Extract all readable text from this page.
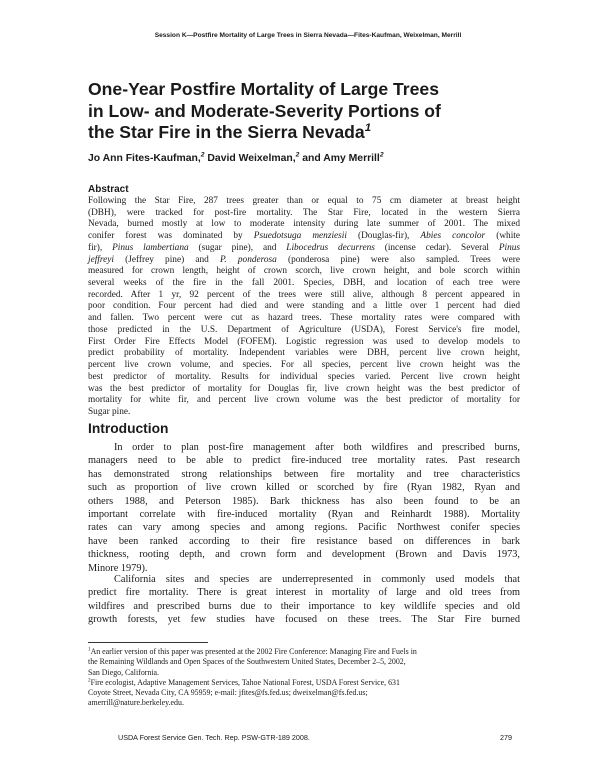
Session K—Postfire Mortality of Large Trees in Sierra Nevada—Fites-Kaufman, Weixelman, Merrill
One-Year Postfire Mortality of Large Trees
in Low- and Moderate-Severity Portions of
the Star Fire in the Sierra Nevada$^1$
Jo Ann Fites-Kaufman,$^2$ David Weixelman,$^2$ and Amy Merrill$^2$
Abstract
Following the Star Fire, 287 trees greater than or equal to 75 cm diameter at breast height
(DBH), were tracked for post-fire mortality. The Star Fire, located in the western Sierra
Nevada, burned mostly at low to moderate intensity during late summer of 2001. The mixed
conifer forest was dominated by Psuedotsuga menziesii (Douglas-fir), Abies concolor (white
fir), Pinus lambertiana (sugar pine), and Libocedrus decurrens (incense cedar). Several Pinus
jeffreyi (Jeffrey pine) and P. ponderosa (ponderosa pine) were also sampled. Trees were
measured for crown length, height of crown scorch, live crown height, and bole scorch within
several weeks of the fire in the fall 2001. Species, DBH, and location of each tree were
recorded. After 1 yr, 92 percent of the trees were still alive, although 8 percent appeared in
poor condition. Four percent had died and were standing and a little over 1 percent had died
and fallen. Two percent were cut as hazard trees. These mortality rates were compared with
those predicted in the U.S. Department of Agriculture (USDA), Forest Service's fire model,
First Order Fire Effects Model (FOFEM). Logistic regression was used to develop models to
predict probability of mortality. Independent variables were DBH, percent live crown height,
percent live crown volume, and species. For all species, percent live crown height was the
best predictor of mortality. Results for individual species varied. Percent live crown height
was the best predictor of mortality for Douglas fir, live crown height was the best predictor of
mortality for white fir, and percent live crown volume was the best predictor of mortality for
Sugar pine.
Introduction
In order to plan post-fire management after both wildfires and prescribed burns,
managers need to be able to predict fire-induced tree mortality rates. Past research
has demonstrated strong relationships between fire mortality and tree characteristics
such as proportion of live crown killed or scorched by fire (Ryan 1982, Ryan and
others 1988, and Peterson 1985). Bark thickness has also been found to be an
important correlate with fire-induced mortality (Ryan and Reinhardt 1988). Mortality
rates can vary among species and among regions. Pacific Northwest conifer species
have been ranked according to their fire resistance based on differences in bark
thickness, rooting depth, and crown form and development (Brown and Davis 1973,
Minore 1979).
California sites and species are underrepresented in commonly used models that
predict fire mortality. There is great interest in mortality of large and old trees from
wildfires and prescribed burns due to their importance to key wildlife species and old
growth forests, yet few studies have focused on these trees. The Star Fire burned
$^1$An earlier version of this paper was presented at the 2002 Fire Conference: Managing Fire and Fuels in
the Remaining Wildlands and Open Spaces of the Southwestern United States, December 2–5, 2002,
San Diego, California.
$^2$Fire ecologist, Adaptive Management Services, Tahoe National Forest, USDA Forest Service, 631
Coyote Street, Nevada City, CA 95959; e-mail: jfites@fs.fed.us; dweixelman@fs.fed.us;
amerrill@nature.berkeley.edu.
USDA Forest Service Gen. Tech. Rep. PSW-GTR-189 2008.	279
